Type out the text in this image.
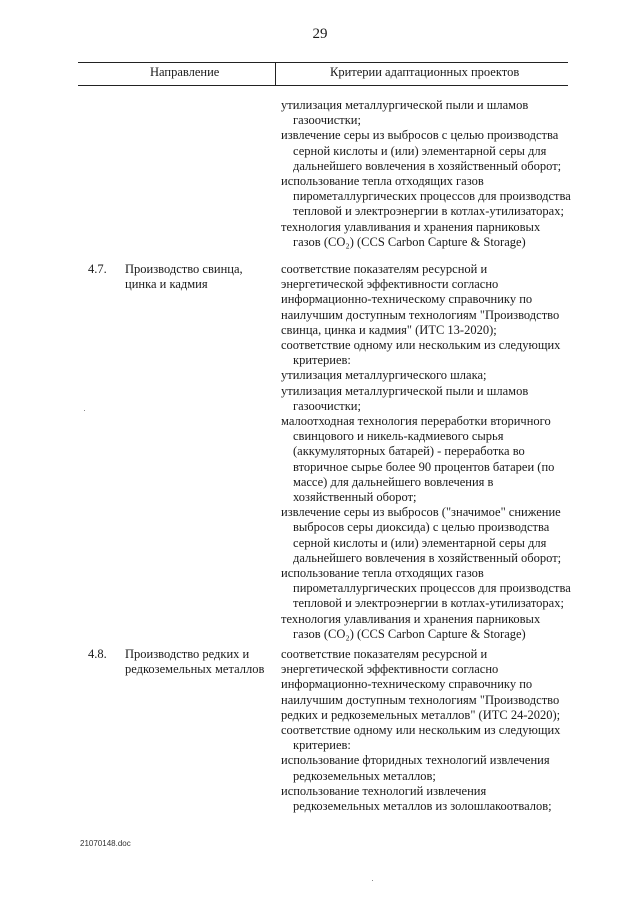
29
Направление	Критерии адаптационных проектов
утилизация металлургической пыли и шламов
газоочистки;
извлечение серы из выбросов с целью производства
серной кислоты и (или) элементарной серы для
дальнейшего вовлечения в хозяйственный оборот;
использование тепла отходящих газов
пирометаллургических процессов для производства
тепловой и электроэнергии в котлах-утилизаторах;
технология улавливания и хранения парниковых
газов (CO₂) (CCS Carbon Capture & Storage)
4.7. Производство свинца,
цинка и кадмия
соответствие показателям ресурсной и
энергетической эффективности согласно
информационно-техническому справочнику по
наилучшим доступным технологиям "Производство
свинца, цинка и кадмия" (ИТС 13-2020);
соответствие одному или нескольким из следующих
критериев:
утилизация металлургического шлака;
утилизация металлургической пыли и шламов
газоочистки;
малоотходная технология переработки вторичного
свинцового и никель-кадмиевого сырья
(аккумуляторных батарей) - переработка во
вторичное сырье более 90 процентов батареи (по
массе) для дальнейшего вовлечения в
хозяйственный оборот;
извлечение серы из выбросов ("значимое" снижение
выбросов серы диоксида) с целью производства
серной кислоты и (или) элементарной серы для
дальнейшего вовлечения в хозяйственный оборот;
использование тепла отходящих газов
пирометаллургических процессов для производства
тепловой и электроэнергии в котлах-утилизаторах;
технология улавливания и хранения парниковых
газов (CO₂) (CCS Carbon Capture & Storage)
4.8. Производство редких и
редкоземельных металлов
соответствие показателям ресурсной и
энергетической эффективности согласно
информационно-техническому справочнику по
наилучшим доступным технологиям "Производство
редких и редкоземельных металлов" (ИТС 24-2020);
соответствие одному или нескольким из следующих
критериев:
использование фторидных технологий извлечения
редкоземельных металлов;
использование технологий извлечения
редкоземельных металлов из золошлакоотвалов;
21070148.doc
